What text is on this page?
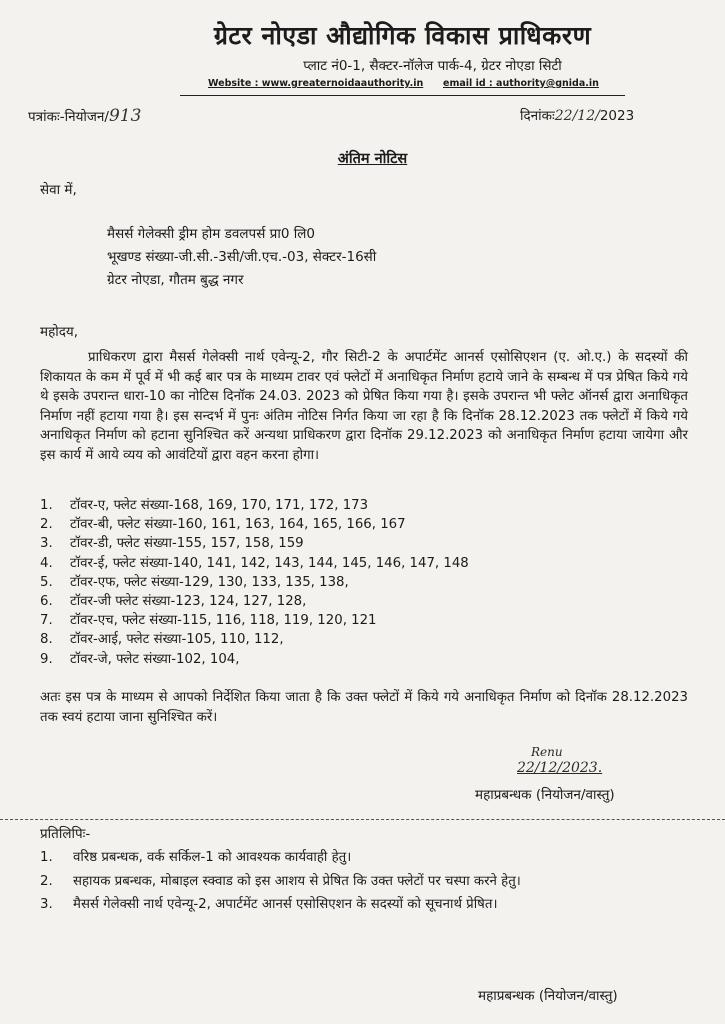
ग्रेटर नोएडा औद्योगिक विकास प्राधिकरण
प्लाट नं0-1, सैक्टर-नॉलेज पार्क-4, ग्रेटर नोएडा सिटी
Website : www.greaternoidaauthority.in email id : authority@gnida.in
पत्रांकः-नियोजन/913	दिनांकः22/12/2023
अंतिम नोटिस
सेवा में,
मैसर्स गेलेक्सी ड्रीम होम डवलपर्स प्रा0 लि0
भूखण्ड संख्या-जी.सी.-3सी/जी.एच.-03, सेक्टर-16सी
ग्रेटर नोएडा, गौतम बुद्ध नगर
महोदय,
प्राधिकरण द्वारा मैसर्स गेलेक्सी नार्थ एवेन्यू-2, गौर सिटी-2 के अपार्टमेंट आनर्स एसोसिएशन (ए. ओ.ए.) के सदस्यों की शिकायत के कम में पूर्व में भी कई बार पत्र के माध्यम टावर एवं फ्लेटों में अनाधिकृत निर्माण हटाये जाने के सम्बन्ध में पत्र प्रेषित किये गये थे इसके उपरान्त धारा-10 का नोटिस दिनॉक 24.03. 2023 को प्रेषित किया गया है। इसके उपरान्त भी फ्लेट ऑनर्स द्वारा अनाधिकृत निर्माण नहीं हटाया गया है। इस सन्दर्भ में पुनः अंतिम नोटिस निर्गत किया जा रहा है कि दिनॉक 28.12.2023 तक फ्लेटों में किये गये अनाधिकृत निर्माण को हटाना सुनिश्चित करें अन्यथा प्राधिकरण द्वारा दिनॉक 29.12.2023 को अनाधिकृत निर्माण हटाया जायेगा और इस कार्य में आये व्यय को आवंटियों द्वारा वहन करना होगा।
1. टॉवर-ए, फ्लेट संख्या-168, 169, 170, 171, 172, 173
2. टॉवर-बी, फ्लेट संख्या-160, 161, 163, 164, 165, 166, 167
3. टॉवर-डी, फ्लेट संख्या-155, 157, 158, 159
4. टॉवर-ई, फ्लेट संख्या-140, 141, 142, 143, 144, 145, 146, 147, 148
5. टॉवर-एफ, फ्लेट संख्या-129, 130, 133, 135, 138,
6. टॉवर-जी फ्लेट संख्या-123, 124, 127, 128,
7. टॉवर-एच, फ्लेट संख्या-115, 116, 118, 119, 120, 121
8. टॉवर-आई, फ्लेट संख्या-105, 110, 112,
9. टॉवर-जे, फ्लेट संख्या-102, 104,
अतः इस पत्र के माध्यम से आपको निर्देशित किया जाता है कि उक्त फ्लेटों में किये गये अनाधिकृत निर्माण को दिनॉक 28.12.2023 तक स्वयं हटाया जाना सुनिश्चित करें।
Renu
22/12/2023.
महाप्रबन्धक (नियोजन/वास्तु)
प्रतिलिपिः-
1.	वरिष्ठ प्रबन्धक, वर्क सर्किल-1 को आवश्यक कार्यवाही हेतु।
2.	सहायक प्रबन्धक, मोबाइल स्क्वाड को इस आशय से प्रेषित कि उक्त फ्लेटों पर चस्पा करने हेतु।
3.	मैसर्स गेलेक्सी नार्थ एवेन्यू-2, अपार्टमेंट आनर्स एसोसिएशन के सदस्यों को सूचनार्थ प्रेषित।
महाप्रबन्धक (नियोजन/वास्तु)
